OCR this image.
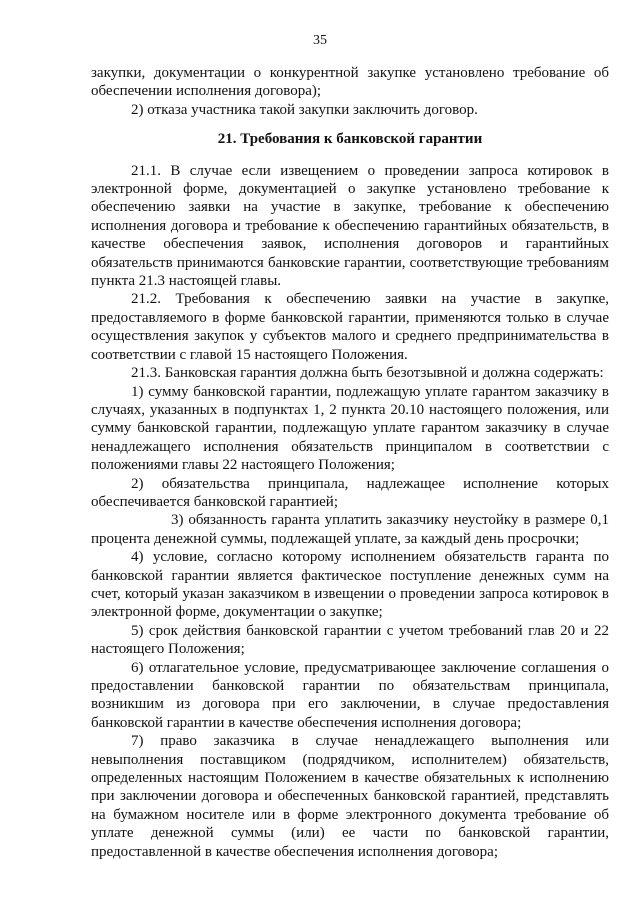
35

закупки, документации о конкурентной закупке установлено требование об обеспечении исполнения договора);

2) отказа участника такой закупки заключить договор.

21. Требования к банковской гарантии

21.1. В случае если извещением о проведении запроса котировок в электронной форме, документацией о закупке установлено требование к обеспечению заявки на участие в закупке, требование к обеспечению исполнения договора и требование к обеспечению гарантийных обязательств, в качестве обеспечения заявок, исполнения договоров и гарантийных обязательств принимаются банковские гарантии, соответствующие требованиям пункта 21.3 настоящей главы.

21.2. Требования к обеспечению заявки на участие в закупке, предоставляемого в форме банковской гарантии, применяются только в случае осуществления закупок у субъектов малого и среднего предпринимательства в соответствии с главой 15 настоящего Положения.

21.3. Банковская гарантия должна быть безотзывной и должна содержать:

1) сумму банковской гарантии, подлежащую уплате гарантом заказчику в случаях, указанных в подпунктах 1, 2 пункта 20.10 настоящего положения, или сумму банковской гарантии, подлежащую уплате гарантом заказчику в случае ненадлежащего исполнения обязательств принципалом в соответствии с положениями главы 22 настоящего Положения;

2) обязательства принципала, надлежащее исполнение которых обеспечивается банковской гарантией;

3) обязанность гаранта уплатить заказчику неустойку в размере 0,1 процента денежной суммы, подлежащей уплате, за каждый день просрочки;

4) условие, согласно которому исполнением обязательств гаранта по банковской гарантии является фактическое поступление денежных сумм на счет, который указан заказчиком в извещении о проведении запроса котировок в электронной форме, документации о закупке;

5) срок действия банковской гарантии с учетом требований глав 20 и 22 настоящего Положения;

6) отлагательное условие, предусматривающее заключение соглашения о предоставлении банковской гарантии по обязательствам принципала, возникшим из договора при его заключении, в случае предоставления банковской гарантии в качестве обеспечения исполнения договора;

7) право заказчика в случае ненадлежащего выполнения или невыполнения поставщиком (подрядчиком, исполнителем) обязательств, определенных настоящим Положением в качестве обязательных к исполнению при заключении договора и обеспеченных банковской гарантией, представлять на бумажном носителе или в форме электронного документа требование об уплате денежной суммы (или) ее части по банковской гарантии, предоставленной в качестве обеспечения исполнения договора;
